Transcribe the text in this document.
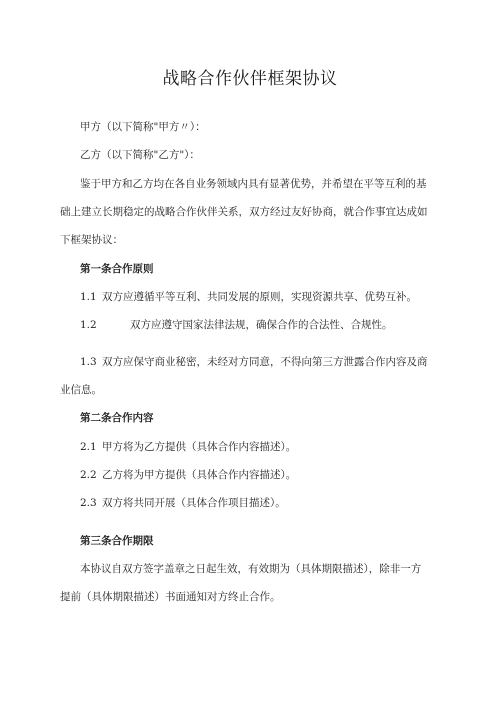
战略合作伙伴框架协议
甲方（以下简称"甲方〃）：
乙方（以下简称"乙方"）：
鉴于甲方和乙方均在各自业务领域内具有显著优势，并希望在平等互利的基
础上建立长期稳定的战略合作伙伴关系，双方经过友好协商，就合作事宜达成如
下框架协议：
第一条合作原则
1.1 双方应遵循平等互利、共同发展的原则，实现资源共享、优势互补。
1.2	双方应遵守国家法律法规，确保合作的合法性、合规性。
1.3 双方应保守商业秘密，未经对方同意，不得向第三方泄露合作内容及商
业信息。
第二条合作内容
2.1 甲方将为乙方提供（具体合作内容描述）。
2.2 乙方将为甲方提供（具体合作内容描述）。
2.3 双方将共同开展（具体合作项目描述）。
第三条合作期限
本协议自双方签字盖章之日起生效，有效期为（具体期限描述），除非一方
提前（具体期限描述）书面通知对方终止合作。
